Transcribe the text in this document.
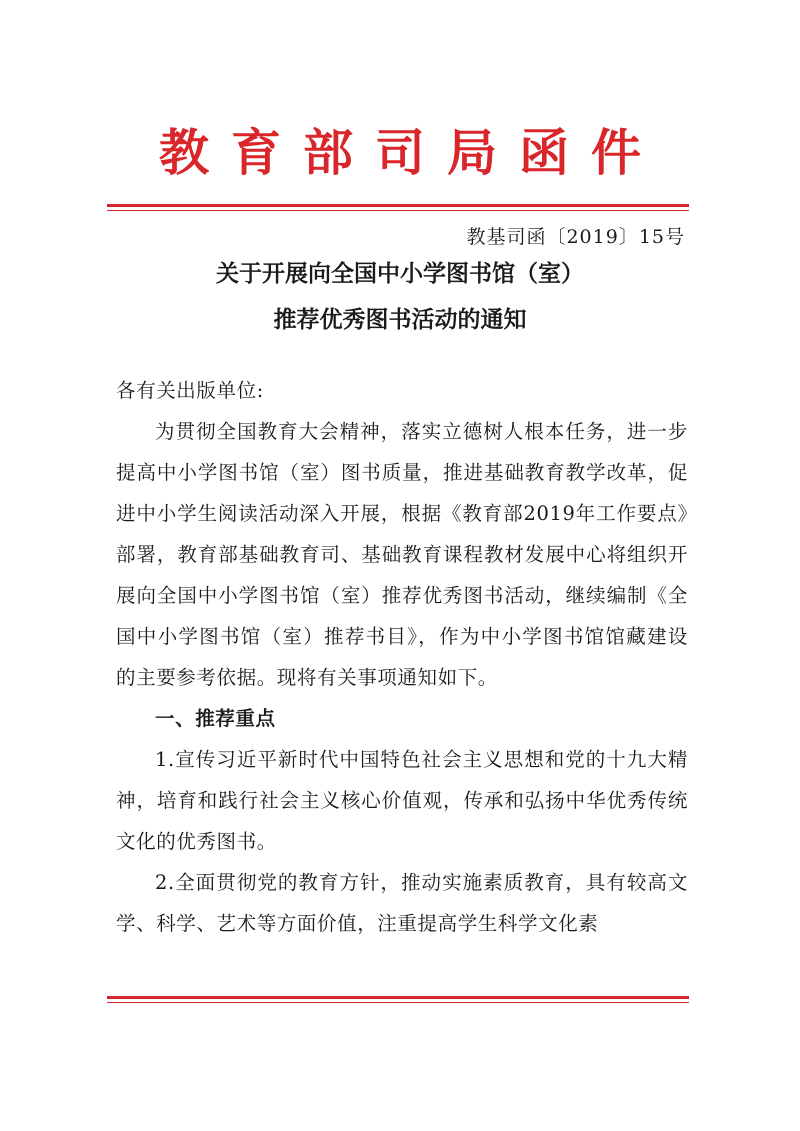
教育部司局函件
教基司函〔2019〕15号
关于开展向全国中小学图书馆（室）
推荐优秀图书活动的通知

各有关出版单位:

为贯彻全国教育大会精神，落实立德树人根本任务，进一步提高中小学图书馆（室）图书质量，推进基础教育教学改革，促进中小学生阅读活动深入开展，根据《教育部2019年工作要点》部署，教育部基础教育司、基础教育课程教材发展中心将组织开展向全国中小学图书馆（室）推荐优秀图书活动，继续编制《全国中小学图书馆（室）推荐书目》，作为中小学图书馆馆藏建设的主要参考依据。现将有关事项通知如下。

一、推荐重点

1.宣传习近平新时代中国特色社会主义思想和党的十九大精神，培育和践行社会主义核心价值观，传承和弘扬中华优秀传统文化的优秀图书。

2.全面贯彻党的教育方针，推动实施素质教育，具有较高文学、科学、艺术等方面价值，注重提高学生科学文化素
